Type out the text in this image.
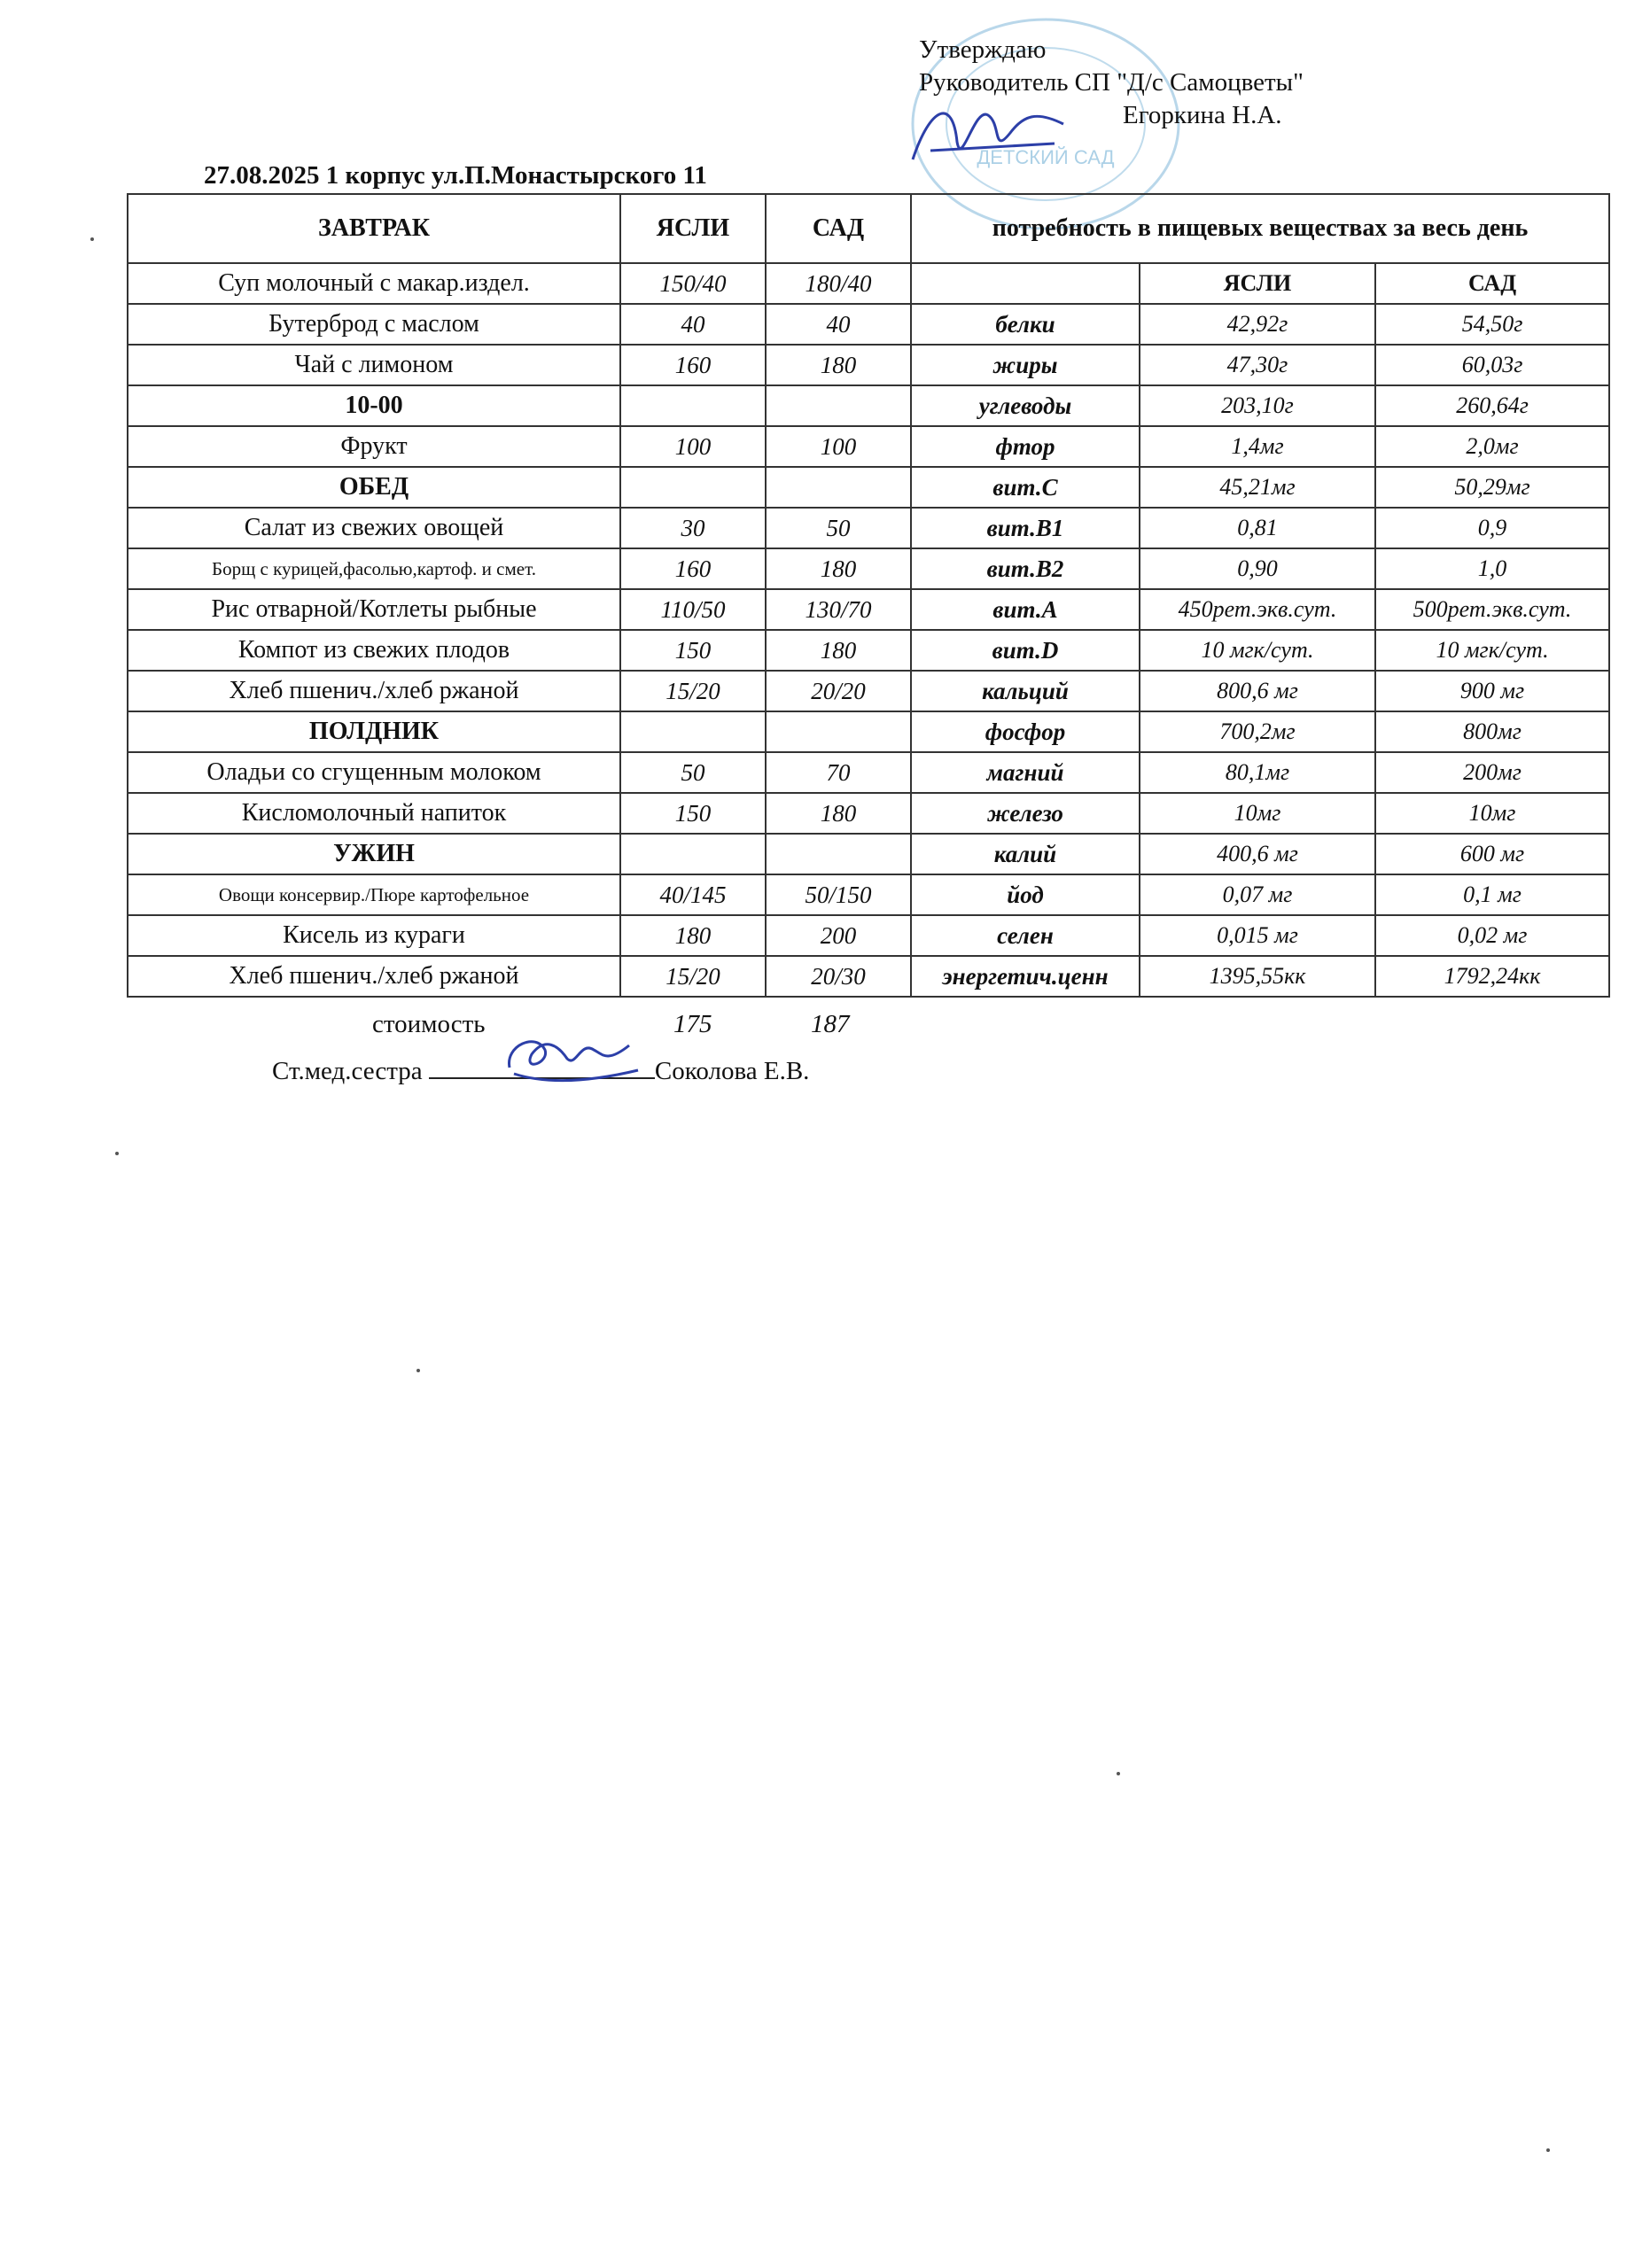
ДЕТСКИЙ САД
Утверждаю
Руководитель СП "Д/с Самоцветы"
Егоркина Н.А.
27.08.2025 1 корпус ул.П.Монастырского 11
ЗАВТРАК	ЯСЛИ	САД	потребность в пищевых веществах за весь день		
Суп молочный с макар.издел.	150/40	180/40		ЯСЛИ	САД
Бутерброд с маслом	40	40	белки	42,92г	54,50г
Чай с лимоном	160	180	жиры	47,30г	60,03г
10-00			углеводы	203,10г	260,64г
Фрукт	100	100	фтор	1,4мг	2,0мг
ОБЕД			вит.С	45,21мг	50,29мг
Салат из свежих овощей	30	50	вит.В1	0,81	0,9
Борщ с курицей,фасолью,картоф. и смет.	160	180	вит.В2	0,90	1,0
Рис отварной/Котлеты рыбные	110/50	130/70	вит.А	450рет.экв.сут.	500рет.экв.сут.
Компот из свежих плодов	150	180	вит.D	10 мгк/сут.	10 мгк/сут.
Хлеб пшенич./хлеб ржаной	15/20	20/20	кальций	800,6 мг	900 мг
ПОЛДНИК			фосфор	700,2мг	800мг
Оладьи со сгущенным молоком	50	70	магний	80,1мг	200мг
Кисломолочный напиток	150	180	железо	10мг	10мг
УЖИН			калий	400,6 мг	600 мг
Овощи консервир./Пюре картофельное	40/145	50/150	йод	0,07 мг	0,1 мг
Кисель из кураги	180	200	селен	0,015 мг	0,02 мг
Хлеб пшенич./хлеб ржаной	15/20	20/30	энергетич.ценн	1395,55кк	1792,24кк
стоимость	175	187
Ст.мед.сестра	Соколова Е.В.
